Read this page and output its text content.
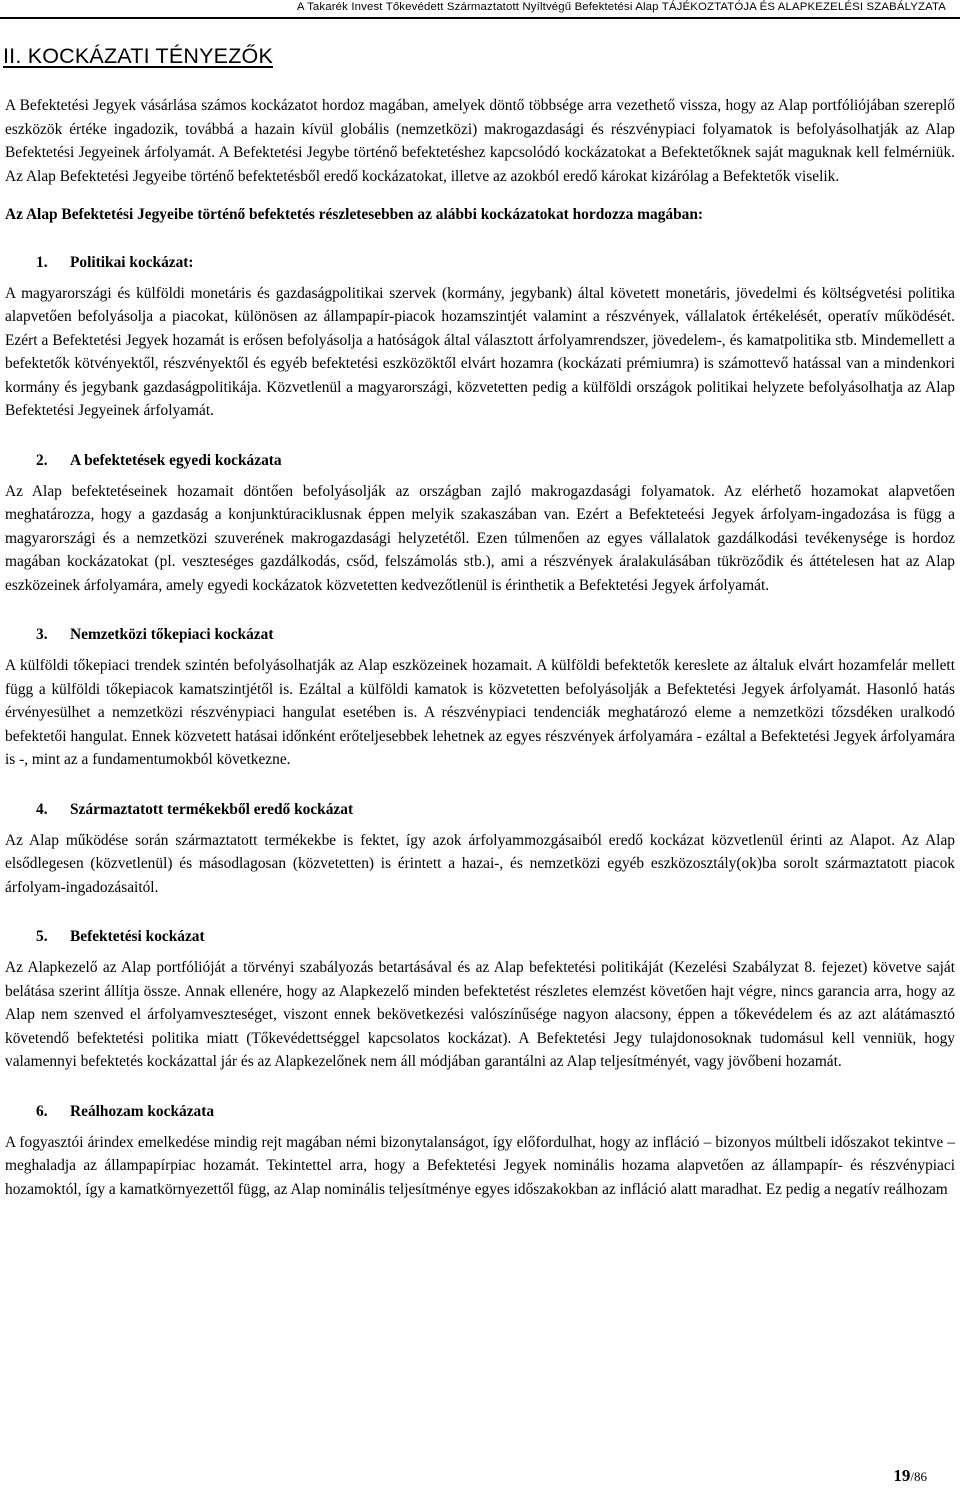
A Takarék Invest Tőkevédett Származtatott Nyíltvégű Befektetési Alap TÁJÉKOZTATÓJA ÉS ALAPKEZELÉSI SZABÁLYZATA
II. KOCKÁZATI TÉNYEZŐK

A Befektetési Jegyek vásárlása számos kockázatot hordoz magában, amelyek döntő többsége arra vezethető vissza, hogy az Alap portfóliójában szereplő eszközök értéke ingadozik, továbbá a hazain kívül globális (nemzetközi) makrogazdasági és részvénypiaci folyamatok is befolyásolhatják az Alap Befektetési Jegyeinek árfolyamát. A Befektetési Jegybe történő befektetéshez kapcsolódó kockázatokat a Befektetőknek saját maguknak kell felmérniük. Az Alap Befektetési Jegyeibe történő befektetésből eredő kockázatokat, illetve az azokból eredő károkat kizárólag a Befektetők viselik.

Az Alap Befektetési Jegyeibe történő befektetés részletesebben az alábbi kockázatokat hordozza magában:

1. Politikai kockázat:

A magyarországi és külföldi monetáris és gazdaságpolitikai szervek (kormány, jegybank) által követett monetáris, jövedelmi és költségvetési politika alapvetően befolyásolja a piacokat, különösen az állampapír-piacok hozamszintjét valamint a részvények, vállalatok értékelését, operatív működését. Ezért a Befektetési Jegyek hozamát is erősen befolyásolja a hatóságok által választott árfolyamrendszer, jövedelem-, és kamatpolitika stb. Mindemellett a befektetők kötvényektől, részvényektől és egyéb befektetési eszközöktől elvárt hozamra (kockázati prémiumra) is számottevő hatással van a mindenkori kormány és jegybank gazdaságpolitikája. Közvetlenül a magyarországi, közvetetten pedig a külföldi országok politikai helyzete befolyásolhatja az Alap Befektetési Jegyeinek árfolyamát.

2. A befektetések egyedi kockázata

Az Alap befektetéseinek hozamait döntően befolyásolják az országban zajló makrogazdasági folyamatok. Az elérhető hozamokat alapvetően meghatározza, hogy a gazdaság a konjunktúraciklusnak éppen melyik szakaszában van. Ezért a Befekteteési Jegyek árfolyam-ingadozása is függ a magyarországi és a nemzetközi szuverének makrogazdasági helyzetétől. Ezen túlmenően az egyes vállalatok gazdálkodási tevékenysége is hordoz magában kockázatokat (pl. veszteséges gazdálkodás, csőd, felszámolás stb.), ami a részvények áralakulásában tükröződik és áttételesen hat az Alap eszközeinek árfolyamára, amely egyedi kockázatok közvetetten kedvezőtlenül is érinthetik a Befektetési Jegyek árfolyamát.

3. Nemzetközi tőkepiaci kockázat

A külföldi tőkepiaci trendek szintén befolyásolhatják az Alap eszközeinek hozamait. A külföldi befektetők kereslete az általuk elvárt hozamfelár mellett függ a külföldi tőkepiacok kamatszintjétől is. Ezáltal a külföldi kamatok is közvetetten befolyásolják a Befektetési Jegyek árfolyamát. Hasonló hatás érvényesülhet a nemzetközi részvénypiaci hangulat esetében is. A részvénypiaci tendenciák meghatározó eleme a nemzetközi tőzsdéken uralkodó befektetői hangulat. Ennek közvetett hatásai időnként erőteljesebbek lehetnek az egyes részvények árfolyamára - ezáltal a Befektetési Jegyek árfolyamára is -, mint az a fundamentumokból következne.

4. Származtatott termékekből eredő kockázat

Az Alap működése során származtatott termékekbe is fektet, így azok árfolyammozgásaiból eredő kockázat közvetlenül érinti az Alapot. Az Alap elsődlegesen (közvetlenül) és másodlagosan (közvetetten) is érintett a hazai-, és nemzetközi egyéb eszközosztály(ok)ba sorolt származtatott piacok árfolyam-ingadozásaitól.

5. Befektetési kockázat

Az Alapkezelő az Alap portfólióját a törvényi szabályozás betartásával és az Alap befektetési politikáját (Kezelési Szabályzat 8. fejezet) követve saját belátása szerint állítja össze. Annak ellenére, hogy az Alapkezelő minden befektetést részletes elemzést követően hajt végre, nincs garancia arra, hogy az Alap nem szenved el árfolyamveszteséget, viszont ennek bekövetkezési valószínűsége nagyon alacsony, éppen a tőkevédelem és az azt alátámasztó követendő befektetési politika miatt (Tőkevédettséggel kapcsolatos kockázat). A Befektetési Jegy tulajdonosoknak tudomásul kell venniük, hogy valamennyi befektetés kockázattal jár és az Alapkezelőnek nem áll módjában garantálni az Alap teljesítményét, vagy jövőbeni hozamát.

6. Reálhozam kockázata

A fogyasztói árindex emelkedése mindig rejt magában némi bizonytalanságot, így előfordulhat, hogy az infláció – bizonyos múltbeli időszakot tekintve – meghaladja az állampapírpiac hozamát. Tekintettel arra, hogy a Befektetési Jegyek nominális hozama alapvetően az állampapír- és részvénypiaci hozamoktól, így a kamatkörnyezettől függ, az Alap nominális teljesítménye egyes időszakokban az infláció alatt maradhat. Ez pedig a negatív reálhozam

19/86
